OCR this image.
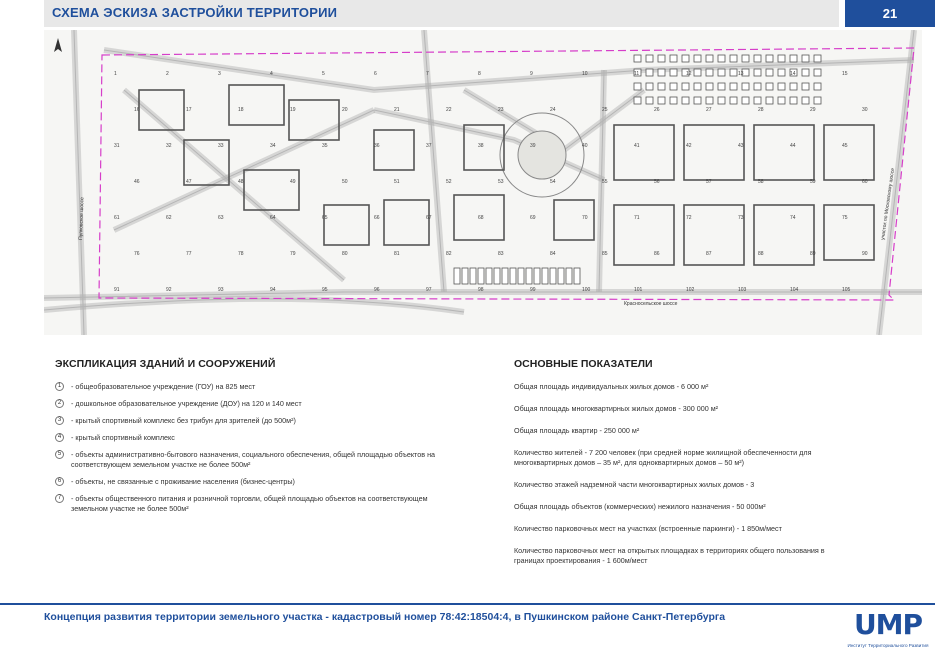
СХЕМА ЭСКИЗА ЗАСТРОЙКИ ТЕРРИТОРИИ	21
1	2	3	4	5	6	7	8	9	10	11	12	13	14	15
16	17	18	19	20	21	22	23	24	25	26	27	28	29	30
31	32	33	34	35	36	37	38	39	40	41	42	43	44	45
46	47	48	49	50	51	52	53	54	55	56	57	58	59	60
61	62	63	64	65	66	67	68	69	70	71	72	73	74	75
76	77	78	79	80	81	82	83	84	85	86	87	88	89	90
91	92	93	94	95	96	97	98	99	100	101	102	103	104	105
Пулковское шоссе
Красносельское шоссе
участок по Московскому шоссе
ЭКСПЛИКАЦИЯ ЗДАНИЙ И СООРУЖЕНИЙ
1	- общеобразовательное учреждение (ГОУ) на 825 мест
2	- дошкольное образовательное учреждение (ДОУ) на 120 и 140 мест
3	- крытый спортивный комплекс без трибун для зрителей (до 500м²)
4	- крытый спортивный комплекс
5	- объекты административно-бытового назначения, социального обеспечения, общей площадью объектов на соответствующем земельном участке не более 500м²
6	- объекты, не связанные с проживание населения (бизнес-центры)
7	- объекты общественного питания и розничной торговли, общей площадью объектов на соответствующем земельном участке не более 500м²
ОСНОВНЫЕ ПОКАЗАТЕЛИ
Общая площадь индивидуальных жилых домов - 6 000 м²
Общая площадь многоквартирных жилых домов - 300 000 м²
Общая площадь квартир - 250 000 м²
Количество жителей - 7 200 человек (при средней норме жилищной обеспеченности для многоквартирных домов – 35 м², для одноквартирных домов – 50 м²)
Количество этажей надземной части многоквартирных жилых домов - 3
Общая площадь объектов (коммерческих) нежилого назначения - 50 000м²
Количество парковочных мест на участках (встроенные паркинги) - 1 850м/мест
Количество парковочных мест на открытых площадках в территориях общего пользования в границах проектирования - 1 600м/мест
Концепция развития территории земельного участка - кадастровый номер 78:42:18504:4, в Пушкинском районе Санкт-Петербурга	UMP
Институт Территориального Развития
